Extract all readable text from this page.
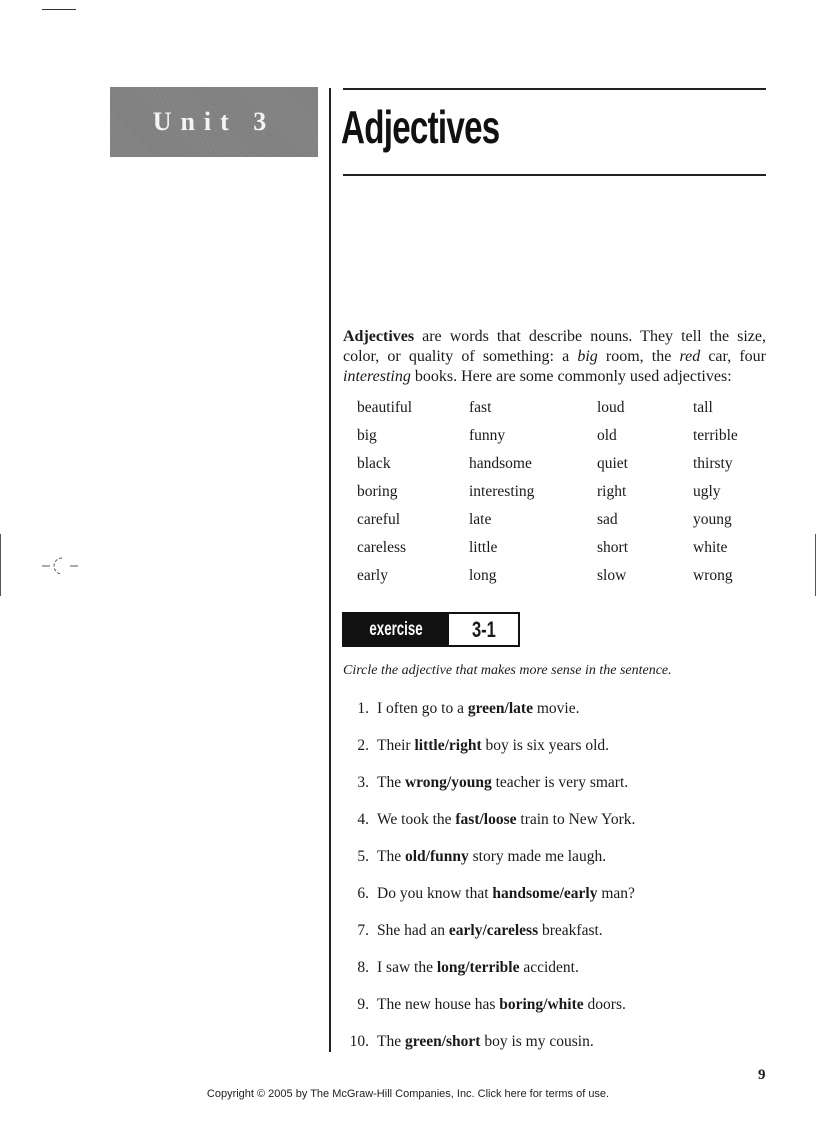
Unit 3	Adjectives
Adjectives are words that describe nouns. They tell the size, color, or quality of something: a big room, the red car, four interesting books. Here are some commonly used adjectives:
beautiful	fast	loud	tall
big	funny	old	terrible
black	handsome	quiet	thirsty
boring	interesting	right	ugly
careful	late	sad	young
careless	little	short	white
early	long	slow	wrong
exercise 3-1
Circle the adjective that makes more sense in the sentence.
1. I often go to a green/late movie.
2. Their little/right boy is six years old.
3. The wrong/young teacher is very smart.
4. We took the fast/loose train to New York.
5. The old/funny story made me laugh.
6. Do you know that handsome/early man?
7. She had an early/careless breakfast.
8. I saw the long/terrible accident.
9. The new house has boring/white doors.
10. The green/short boy is my cousin.
9
Copyright © 2005 by The McGraw-Hill Companies, Inc. Click here for terms of use.
